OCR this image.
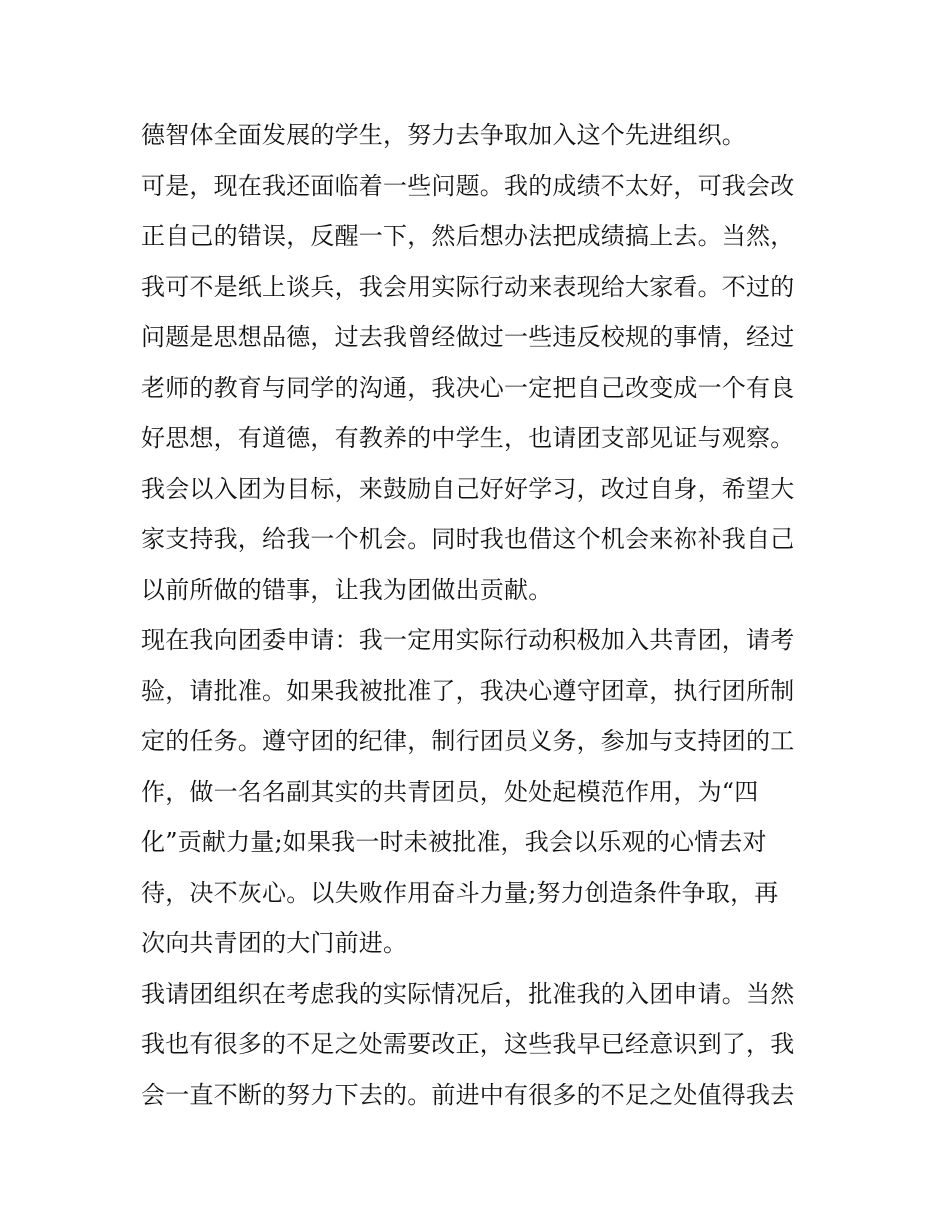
德智体全面发展的学生，努力去争取加入这个先进组织。
可是，现在我还面临着一些问题。我的成绩不太好，可我会改
正自己的错误，反醒一下，然后想办法把成绩搞上去。当然，
我可不是纸上谈兵，我会用实际行动来表现给大家看。不过的
问题是思想品德，过去我曾经做过一些违反校规的事情，经过
老师的教育与同学的沟通，我决心一定把自己改变成一个有良
好思想，有道德，有教养的中学生，也请团支部见证与观察。
我会以入团为目标，来鼓励自己好好学习，改过自身，希望大
家支持我，给我一个机会。同时我也借这个机会来祢补我自己
以前所做的错事，让我为团做出贡献。
现在我向团委申请：我一定用实际行动积极加入共青团，请考
验，请批准。如果我被批准了，我决心遵守团章，执行团所制
定的任务。遵守团的纪律，制行团员义务，参加与支持团的工
作，做一名名副其实的共青团员，处处起模范作用，为“四
化”贡献力量;如果我一时未被批准，我会以乐观的心情去对
待，决不灰心。以失败作用奋斗力量;努力创造条件争取，再
次向共青团的大门前进。
我请团组织在考虑我的实际情况后，批准我的入团申请。当然
我也有很多的不足之处需要改正，这些我早已经意识到了，我
会一直不断的努力下去的。前进中有很多的不足之处值得我去
